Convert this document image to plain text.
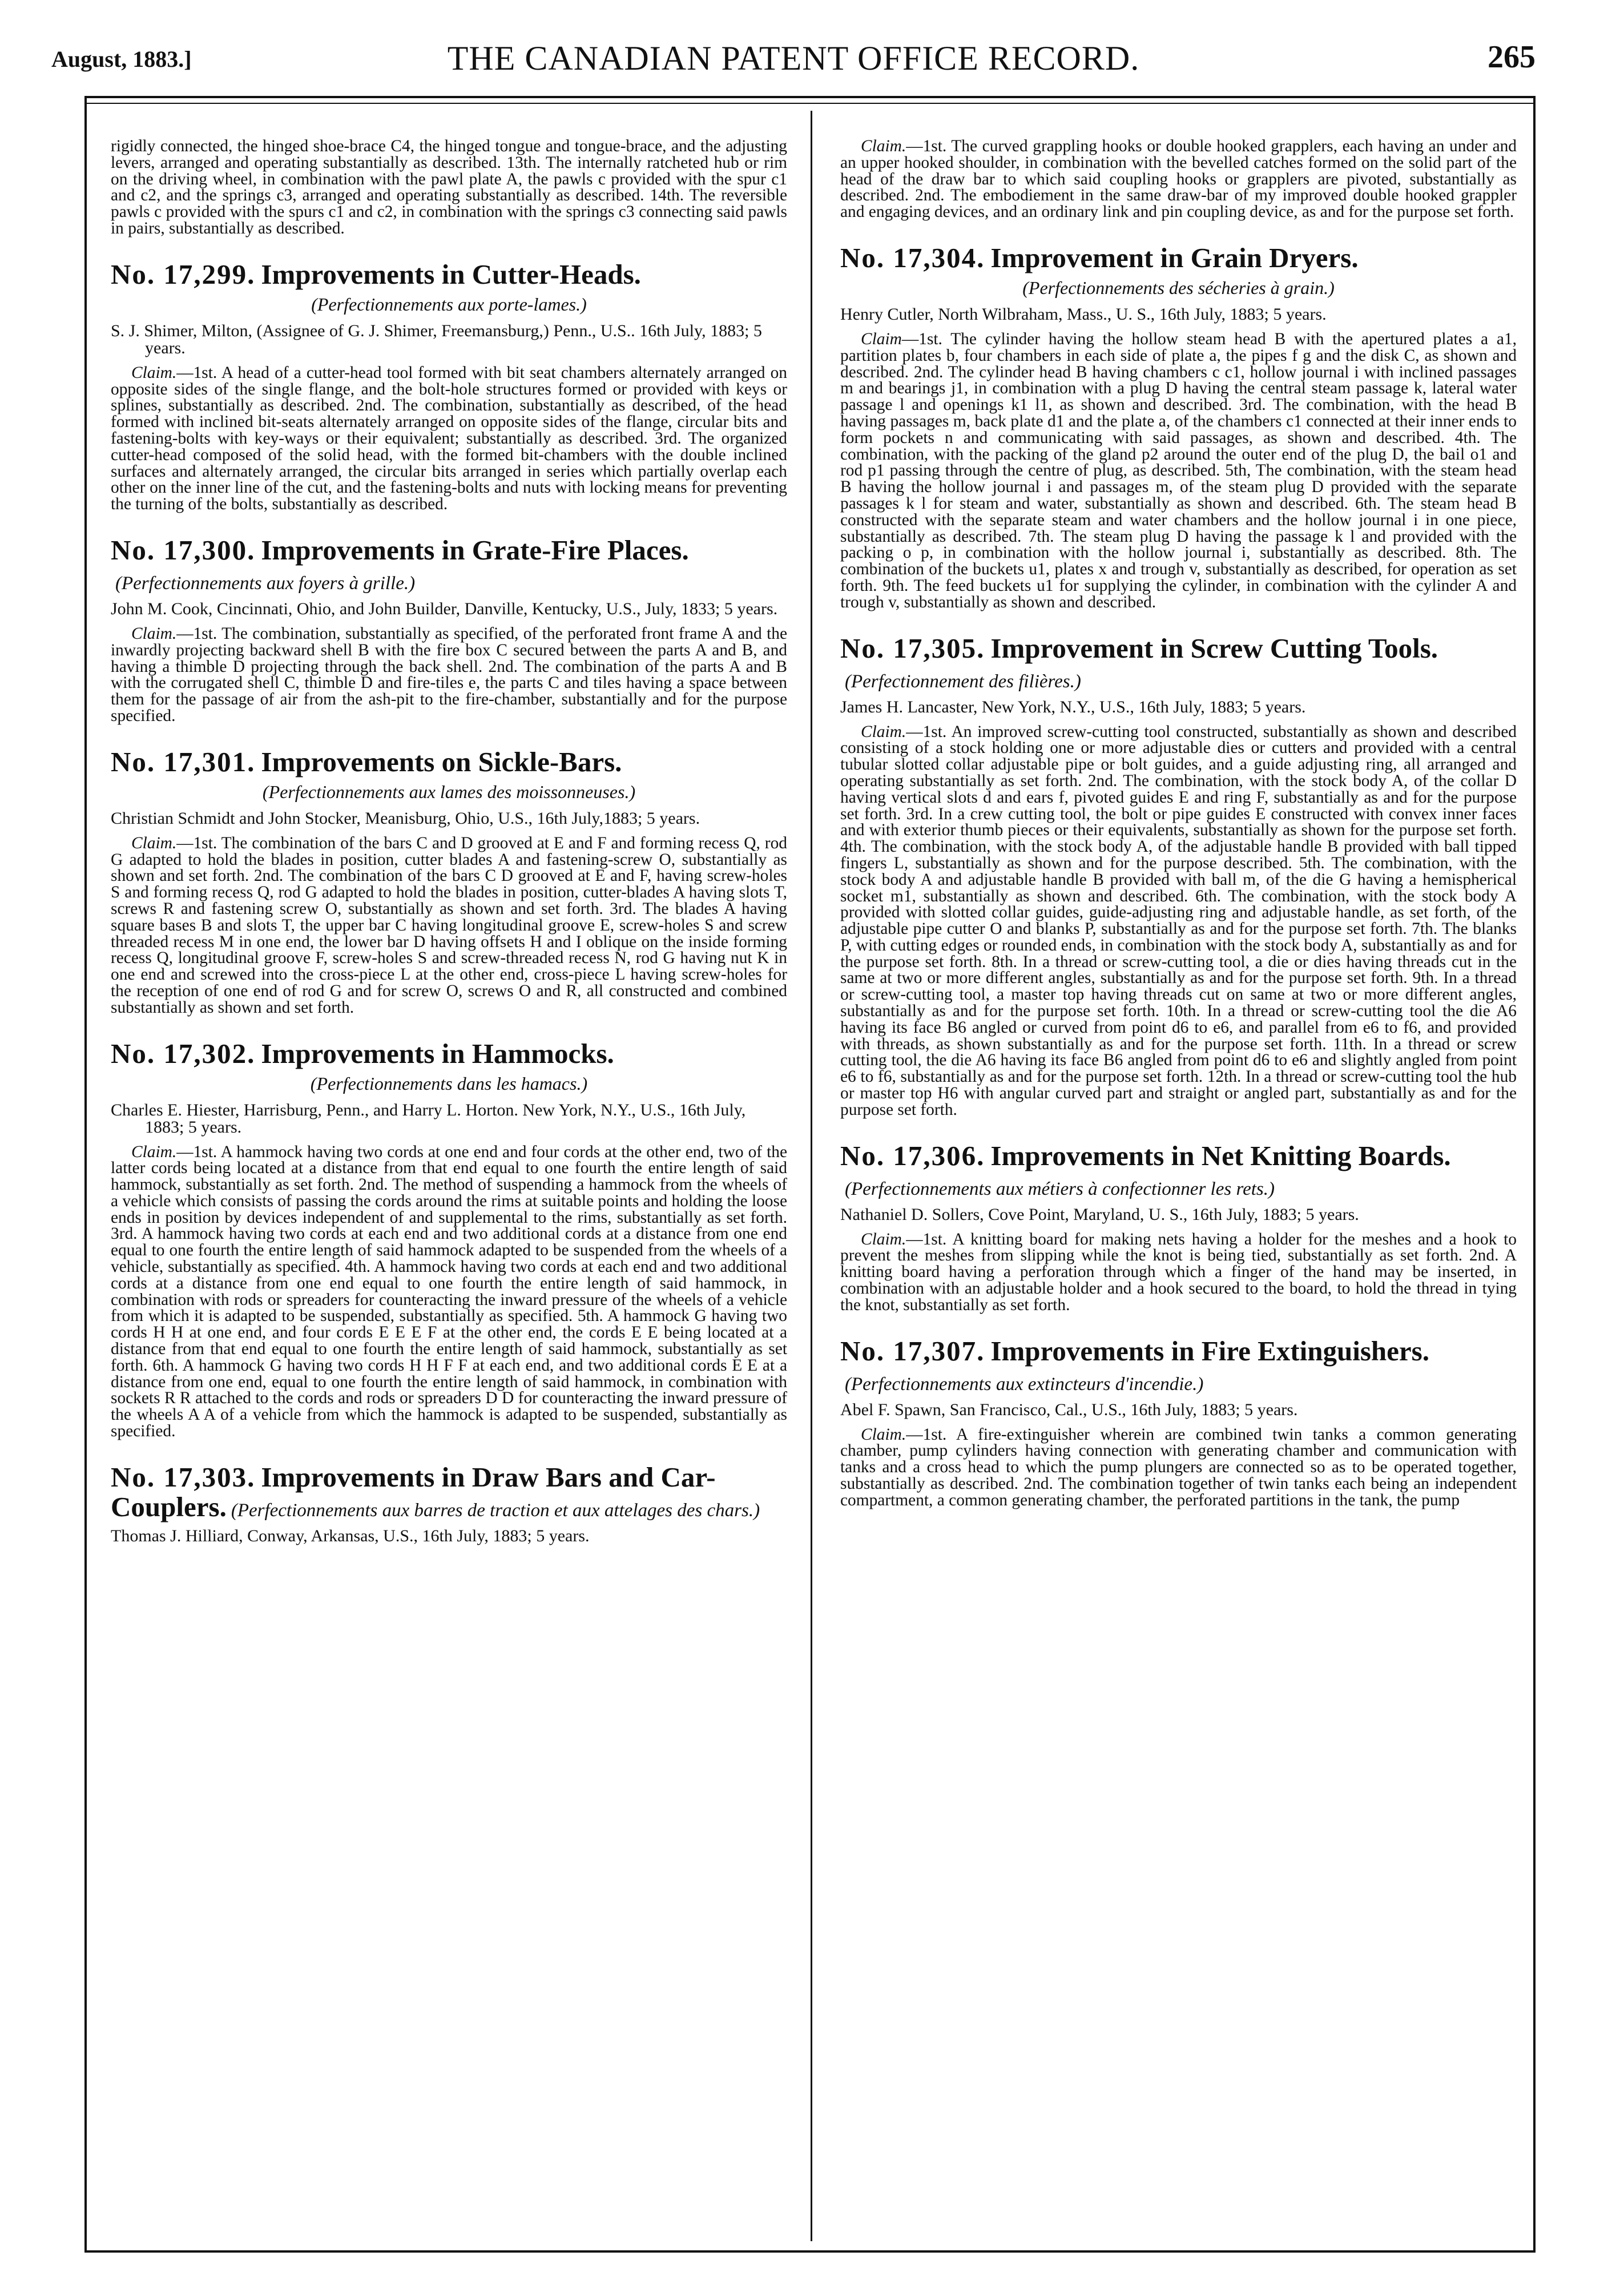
August, 1883.]	THE CANADIAN PATENT OFFICE RECORD.	265

rigidly connected, the hinged shoe-brace C4, the hinged tongue and tongue-brace, and the adjusting levers, arranged and operating substantially as described. 13th. The internally ratcheted hub or rim on the driving wheel, in combination with the pawl plate A, the pawls c provided with the spur c1 and c2, and the springs c3, arranged and operating substantially as described. 14th. The reversible pawls c provided with the spurs c1 and c2, in combination with the springs c3 connecting said pawls in pairs, substantially as described.

No. 17,299. Improvements in Cutter-Heads.
(Perfectionnements aux porte-lames.)

S. J. Shimer, Milton, (Assignee of G. J. Shimer, Freemansburg,) Penn., U.S.. 16th July, 1883; 5 years.

Claim.—1st. A head of a cutter-head tool formed with bit seat chambers alternately arranged on opposite sides of the single flange, and the bolt-hole structures formed or provided with keys or splines, substantially as described. 2nd. The combination, substantially as described, of the head formed with inclined bit-seats alternately arranged on opposite sides of the flange, circular bits and fastening-bolts with key-ways or their equivalent; substantially as described. 3rd. The organized cutter-head composed of the solid head, with the formed bit-chambers with the double inclined surfaces and alternately arranged, the circular bits arranged in series which partially overlap each other on the inner line of the cut, and the fastening-bolts and nuts with locking means for preventing the turning of the bolts, substantially as described.

No. 17,300. Improvements in Grate-Fire Places.(Perfectionnements aux foyers à grille.)

John M. Cook, Cincinnati, Ohio, and John Builder, Danville, Kentucky, U.S., July, 1833; 5 years.

Claim.—1st. The combination, substantially as specified, of the perforated front frame A and the inwardly projecting backward shell B with the fire box C secured between the parts A and B, and having a thimble D projecting through the back shell. 2nd. The combination of the parts A and B with the corrugated shell C, thimble D and fire-tiles e, the parts C and tiles having a space between them for the passage of air from the ash-pit to the fire-chamber, substantially and for the purpose specified.

No. 17,301. Improvements on Sickle-Bars.
(Perfectionnements aux lames des moissonneuses.)

Christian Schmidt and John Stocker, Meanisburg, Ohio, U.S., 16th July,1883; 5 years.

Claim.—1st. The combination of the bars C and D grooved at E and F and forming recess Q, rod G adapted to hold the blades in position, cutter blades A and fastening-screw O, substantially as shown and set forth. 2nd. The combination of the bars C D grooved at E and F, having screw-holes S and forming recess Q, rod G adapted to hold the blades in position, cutter-blades A having slots T, screws R and fastening screw O, substantially as shown and set forth. 3rd. The blades A having square bases B and slots T, the upper bar C having longitudinal groove E, screw-holes S and screw threaded recess M in one end, the lower bar D having offsets H and I oblique on the inside forming recess Q, longitudinal groove F, screw-holes S and screw-threaded recess N, rod G having nut K in one end and screwed into the cross-piece L at the other end, cross-piece L having screw-holes for the reception of one end of rod G and for screw O, screws O and R, all constructed and combined substantially as shown and set forth.

No. 17,302. Improvements in Hammocks.
(Perfectionnements dans les hamacs.)

Charles E. Hiester, Harrisburg, Penn., and Harry L. Horton. New York, N.Y., U.S., 16th July, 1883; 5 years.

Claim.—1st. A hammock having two cords at one end and four cords at the other end, two of the latter cords being located at a distance from that end equal to one fourth the entire length of said hammock, substantially as set forth. 2nd. The method of suspending a hammock from the wheels of a vehicle which consists of passing the cords around the rims at suitable points and holding the loose ends in position by devices independent of and supplemental to the rims, substantially as set forth. 3rd. A hammock having two cords at each end and two additional cords at a distance from one end equal to one fourth the entire length of said hammock adapted to be suspended from the wheels of a vehicle, substantially as specified. 4th. A hammock having two cords at each end and two additional cords at a distance from one end equal to one fourth the entire length of said hammock, in combination with rods or spreaders for counteracting the inward pressure of the wheels of a vehicle from which it is adapted to be suspended, substantially as specified. 5th. A hammock G having two cords H H at one end, and four cords E E E F at the other end, the cords E E being located at a distance from that end equal to one fourth the entire length of said hammock, substantially as set forth. 6th. A hammock G having two cords H H F F at each end, and two additional cords E E at a distance from one end, equal to one fourth the entire length of said hammock, in combination with sockets R R attached to the cords and rods or spreaders D D for counteracting the inward pressure of the wheels A A of a vehicle from which the hammock is adapted to be suspended, substantially as specified.

No. 17,303. Improvements in Draw Bars and Car-Couplers. (Perfectionnements aux barres de traction et aux attelages des chars.)

Thomas J. Hilliard, Conway, Arkansas, U.S., 16th July, 1883; 5 years.

Claim.—1st. The curved grappling hooks or double hooked grapplers, each having an under and an upper hooked shoulder, in combination with the bevelled catches formed on the solid part of the head of the draw bar to which said coupling hooks or grapplers are pivoted, substantially as described. 2nd. The embodiement in the same draw-bar of my improved double hooked grappler and engaging devices, and an ordinary link and pin coupling device, as and for the purpose set forth.

No. 17,304. Improvement in Grain Dryers.
(Perfectionnements des sécheries à grain.)

Henry Cutler, North Wilbraham, Mass., U. S., 16th July, 1883; 5 years.

Claim—1st. The cylinder having the hollow steam head B with the apertured plates a a1, partition plates b, four chambers in each side of plate a, the pipes f g and the disk C, as shown and described. 2nd. The cylinder head B having chambers c c1, hollow journal i with inclined passages m and bearings j1, in combination with a plug D having the central steam passage k, lateral water passage l and openings k1 l1, as shown and described. 3rd. The combination, with the head B having passages m, back plate d1 and the plate a, of the chambers c1 connected at their inner ends to form pockets n and communicating with said passages, as shown and described. 4th. The combination, with the packing of the gland p2 around the outer end of the plug D, the bail o1 and rod p1 passing through the centre of plug, as described. 5th, The combination, with the steam head B having the hollow journal i and passages m, of the steam plug D provided with the separate passages k l for steam and water, substantially as shown and described. 6th. The steam head B constructed with the separate steam and water chambers and the hollow journal i in one piece, substantially as described. 7th. The steam plug D having the passage k l and provided with the packing o p, in combination with the hollow journal i, substantially as described. 8th. The combination of the buckets u1, plates x and trough v, substantially as described, for operation as set forth. 9th. The feed buckets u1 for supplying the cylinder, in combination with the cylinder A and trough v, substantially as shown and described.

No. 17,305. Improvement in Screw Cutting Tools.(Perfectionnement des filières.)

James H. Lancaster, New York, N.Y., U.S., 16th July, 1883; 5 years.

Claim.—1st. An improved screw-cutting tool constructed, substantially as shown and described consisting of a stock holding one or more adjustable dies or cutters and provided with a central tubular slotted collar adjustable pipe or bolt guides, and a guide adjusting ring, all arranged and operating substantially as set forth. 2nd. The combination, with the stock body A, of the collar D having vertical slots d and ears f, pivoted guides E and ring F, substantially as and for the purpose set forth. 3rd. In a crew cutting tool, the bolt or pipe guides E constructed with convex inner faces and with exterior thumb pieces or their equivalents, substantially as shown for the purpose set forth. 4th. The combination, with the stock body A, of the adjustable handle B provided with ball tipped fingers L, substantially as shown and for the purpose described. 5th. The combination, with the stock body A and adjustable handle B provided with ball m, of the die G having a hemispherical socket m1, substantially as shown and described. 6th. The combination, with the stock body A provided with slotted collar guides, guide-adjusting ring and adjustable handle, as set forth, of the adjustable pipe cutter O and blanks P, substantially as and for the purpose set forth. 7th. The blanks P, with cutting edges or rounded ends, in combination with the stock body A, substantially as and for the purpose set forth. 8th. In a thread or screw-cutting tool, a die or dies having threads cut in the same at two or more different angles, substantially as and for the purpose set forth. 9th. In a thread or screw-cutting tool, a master top having threads cut on same at two or more different angles, substantially as and for the purpose set forth. 10th. In a thread or screw-cutting tool the die A6 having its face B6 angled or curved from point d6 to e6, and parallel from e6 to f6, and provided with threads, as shown substantially as and for the purpose set forth. 11th. In a thread or screw cutting tool, the die A6 having its face B6 angled from point d6 to e6 and slightly angled from point e6 to f6, substantially as and for the purpose set forth. 12th. In a thread or screw-cutting tool the hub or master top H6 with angular curved part and straight or angled part, substantially as and for the purpose set forth.

No. 17,306. Improvements in Net Knitting Boards.(Perfectionnements aux métiers à confectionner les rets.)

Nathaniel D. Sollers, Cove Point, Maryland, U. S., 16th July, 1883; 5 years.

Claim.—1st. A knitting board for making nets having a holder for the meshes and a hook to prevent the meshes from slipping while the knot is being tied, substantially as set forth. 2nd. A knitting board having a perforation through which a finger of the hand may be inserted, in combination with an adjustable holder and a hook secured to the board, to hold the thread in tying the knot, substantially as set forth.

No. 17,307. Improvements in Fire Extinguishers.(Perfectionnements aux extincteurs d'incendie.)

Abel F. Spawn, San Francisco, Cal., U.S., 16th July, 1883; 5 years.

Claim.—1st. A fire-extinguisher wherein are combined twin tanks a common generating chamber, pump cylinders having connection with generating chamber and communication with tanks and a cross head to which the pump plungers are connected so as to be operated together, substantially as described. 2nd. The combination together of twin tanks each being an independent compartment, a common generating chamber, the perforated partitions in the tank, the pump
